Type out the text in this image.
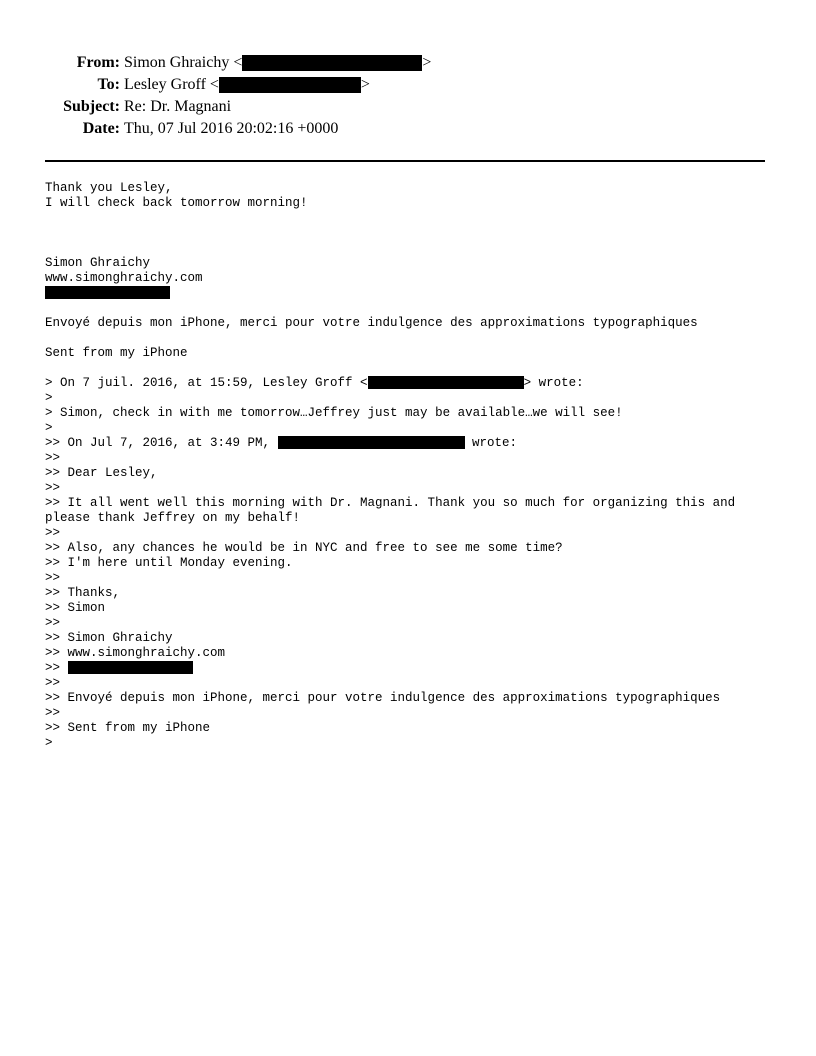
From: Simon Ghraichy <	>
To: Lesley Groff <	>
Subject: Re: Dr. Magnani
Date: Thu, 07 Jul 2016 20:02:16 +0000
Thank you Lesley,
I will check back tomorrow morning!
Simon Ghraichy
www.simonghraichy.com
Envoyé depuis mon iPhone, merci pour votre indulgence des approximations typographiques
Sent from my iPhone
> On 7 juil. 2016, at 15:59, Lesley Groff <	> wrote:
>
> Simon, check in with me tomorrow…Jeffrey just may be available…we will see!
>
>> On Jul 7, 2016, at 3:49 PM,	wrote:
>>
>> Dear Lesley,
>>
>> It all went well this morning with Dr. Magnani. Thank you so much for organizing this and
please thank Jeffrey on my behalf!
>>
>> Also, any chances he would be in NYC and free to see me some time?
>> I'm here until Monday evening.
>>
>> Thanks,
>> Simon
>>
>> Simon Ghraichy
>> www.simonghraichy.com
>>
>>
>> Envoyé depuis mon iPhone, merci pour votre indulgence des approximations typographiques
>>
>> Sent from my iPhone
>
